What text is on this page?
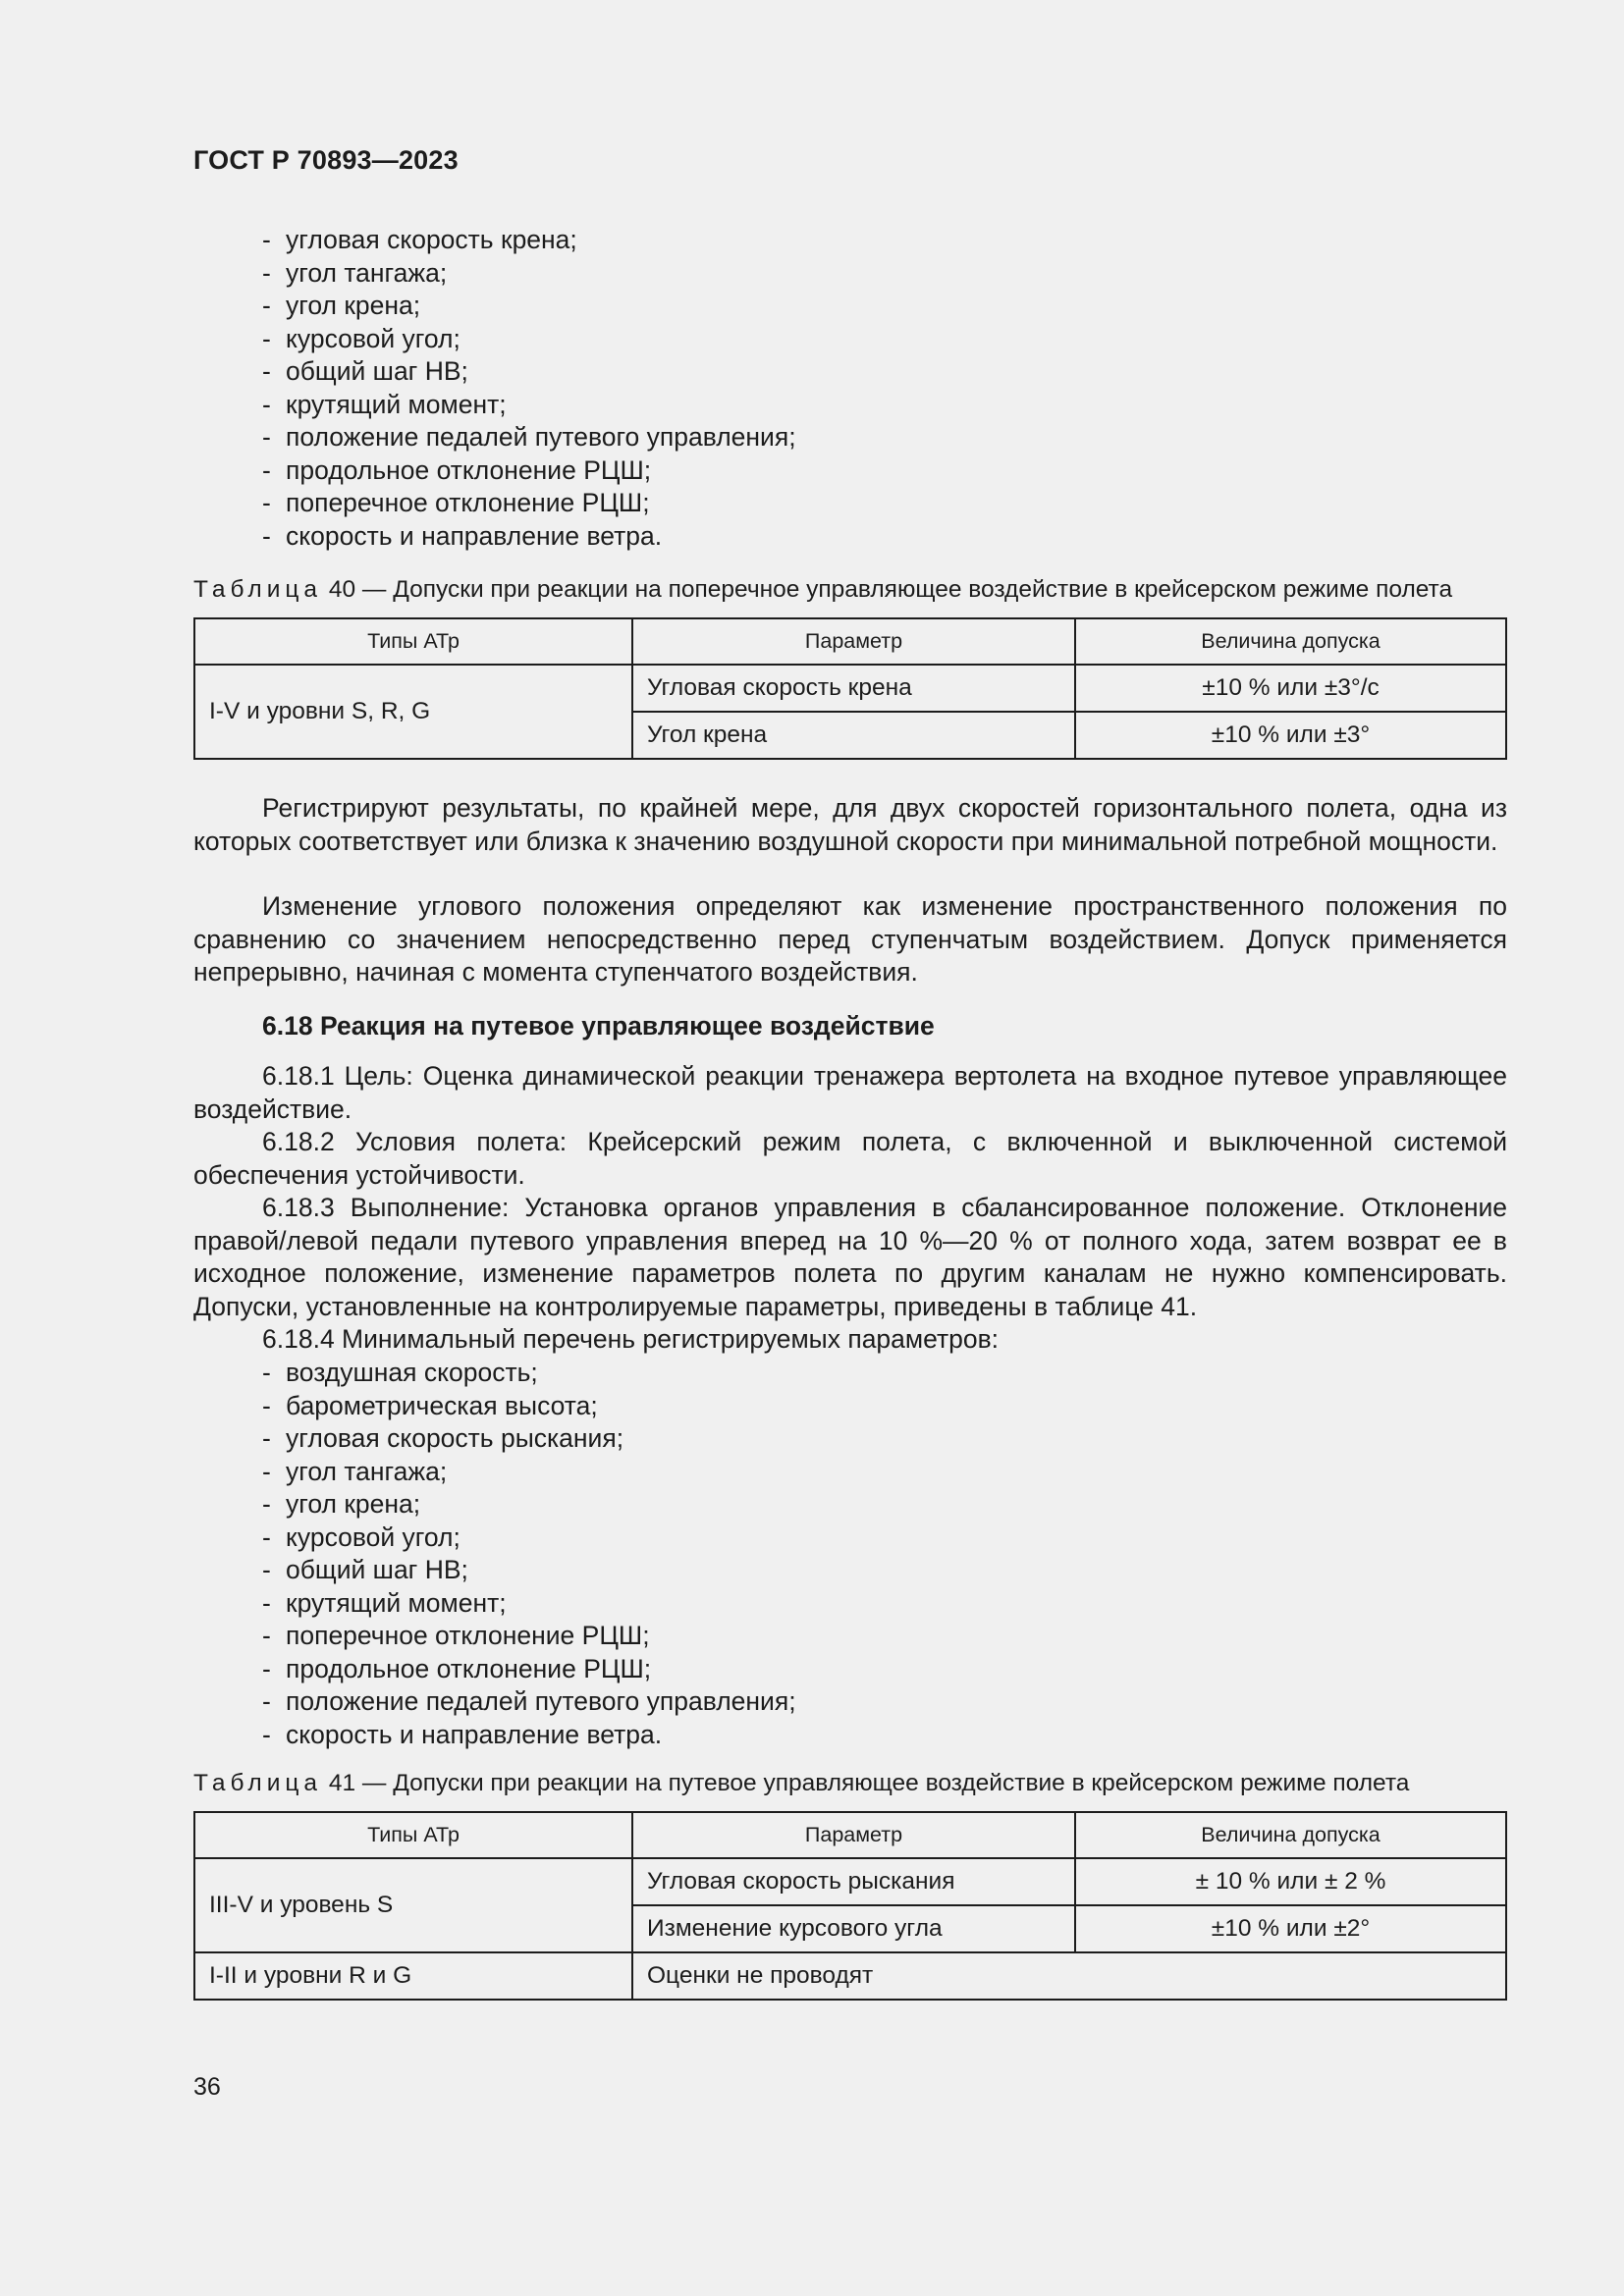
ГОСТ Р 70893—2023
- угловая скорость крена;
- угол тангажа;
- угол крена;
- курсовой угол;
- общий шаг НВ;
- крутящий момент;
- положение педалей путевого управления;
- продольное отклонение РЦШ;
- поперечное отклонение РЦШ;
- скорость и направление ветра.
Таблица 40 — Допуски при реакции на поперечное управляющее воздействие в крейсерском режиме полета
Типы АТр	Параметр	Величина допуска
I-V и уровни S, R, G	Угловая скорость крена	±10 % или ±3°/с
	Угол крена	±10 % или ±3°

Регистрируют результаты, по крайней мере, для двух скоростей горизонтального полета, одна из которых соответствует или близка к значению воздушной скорости при минимальной потребной мощности.

Изменение углового положения определяют как изменение пространственного положения по сравнению со значением непосредственно перед ступенчатым воздействием. Допуск применяется непрерывно, начиная с момента ступенчатого воздействия.

6.18 Реакция на путевое управляющее воздействие

6.18.1 Цель: Оценка динамической реакции тренажера вертолета на входное путевое управляющее воздействие.

6.18.2 Условия полета: Крейсерский режим полета, с включенной и выключенной системой обеспечения устойчивости.

6.18.3 Выполнение: Установка органов управления в сбалансированное положение. Отклонение правой/левой педали путевого управления вперед на 10 %—20 % от полного хода, затем возврат ее в исходное положение, изменение параметров полета по другим каналам не нужно компенсировать. Допуски, установленные на контролируемые параметры, приведены в таблице 41.

6.18.4 Минимальный перечень регистрируемых параметров:

- воздушная скорость;
- барометрическая высота;
- угловая скорость рыскания;
- угол тангажа;
- угол крена;
- курсовой угол;
- общий шаг НВ;
- крутящий момент;
- поперечное отклонение РЦШ;
- продольное отклонение РЦШ;
- положение педалей путевого управления;
- скорость и направление ветра.
Таблица 41 — Допуски при реакции на путевое управляющее воздействие в крейсерском режиме полета
Типы АТр	Параметр	Величина допуска
III-V и уровень S	Угловая скорость рыскания	± 10 % или ± 2 %
	Изменение курсового угла	±10 % или ±2°
I-II и уровни R и G	Оценки не проводят	
36
